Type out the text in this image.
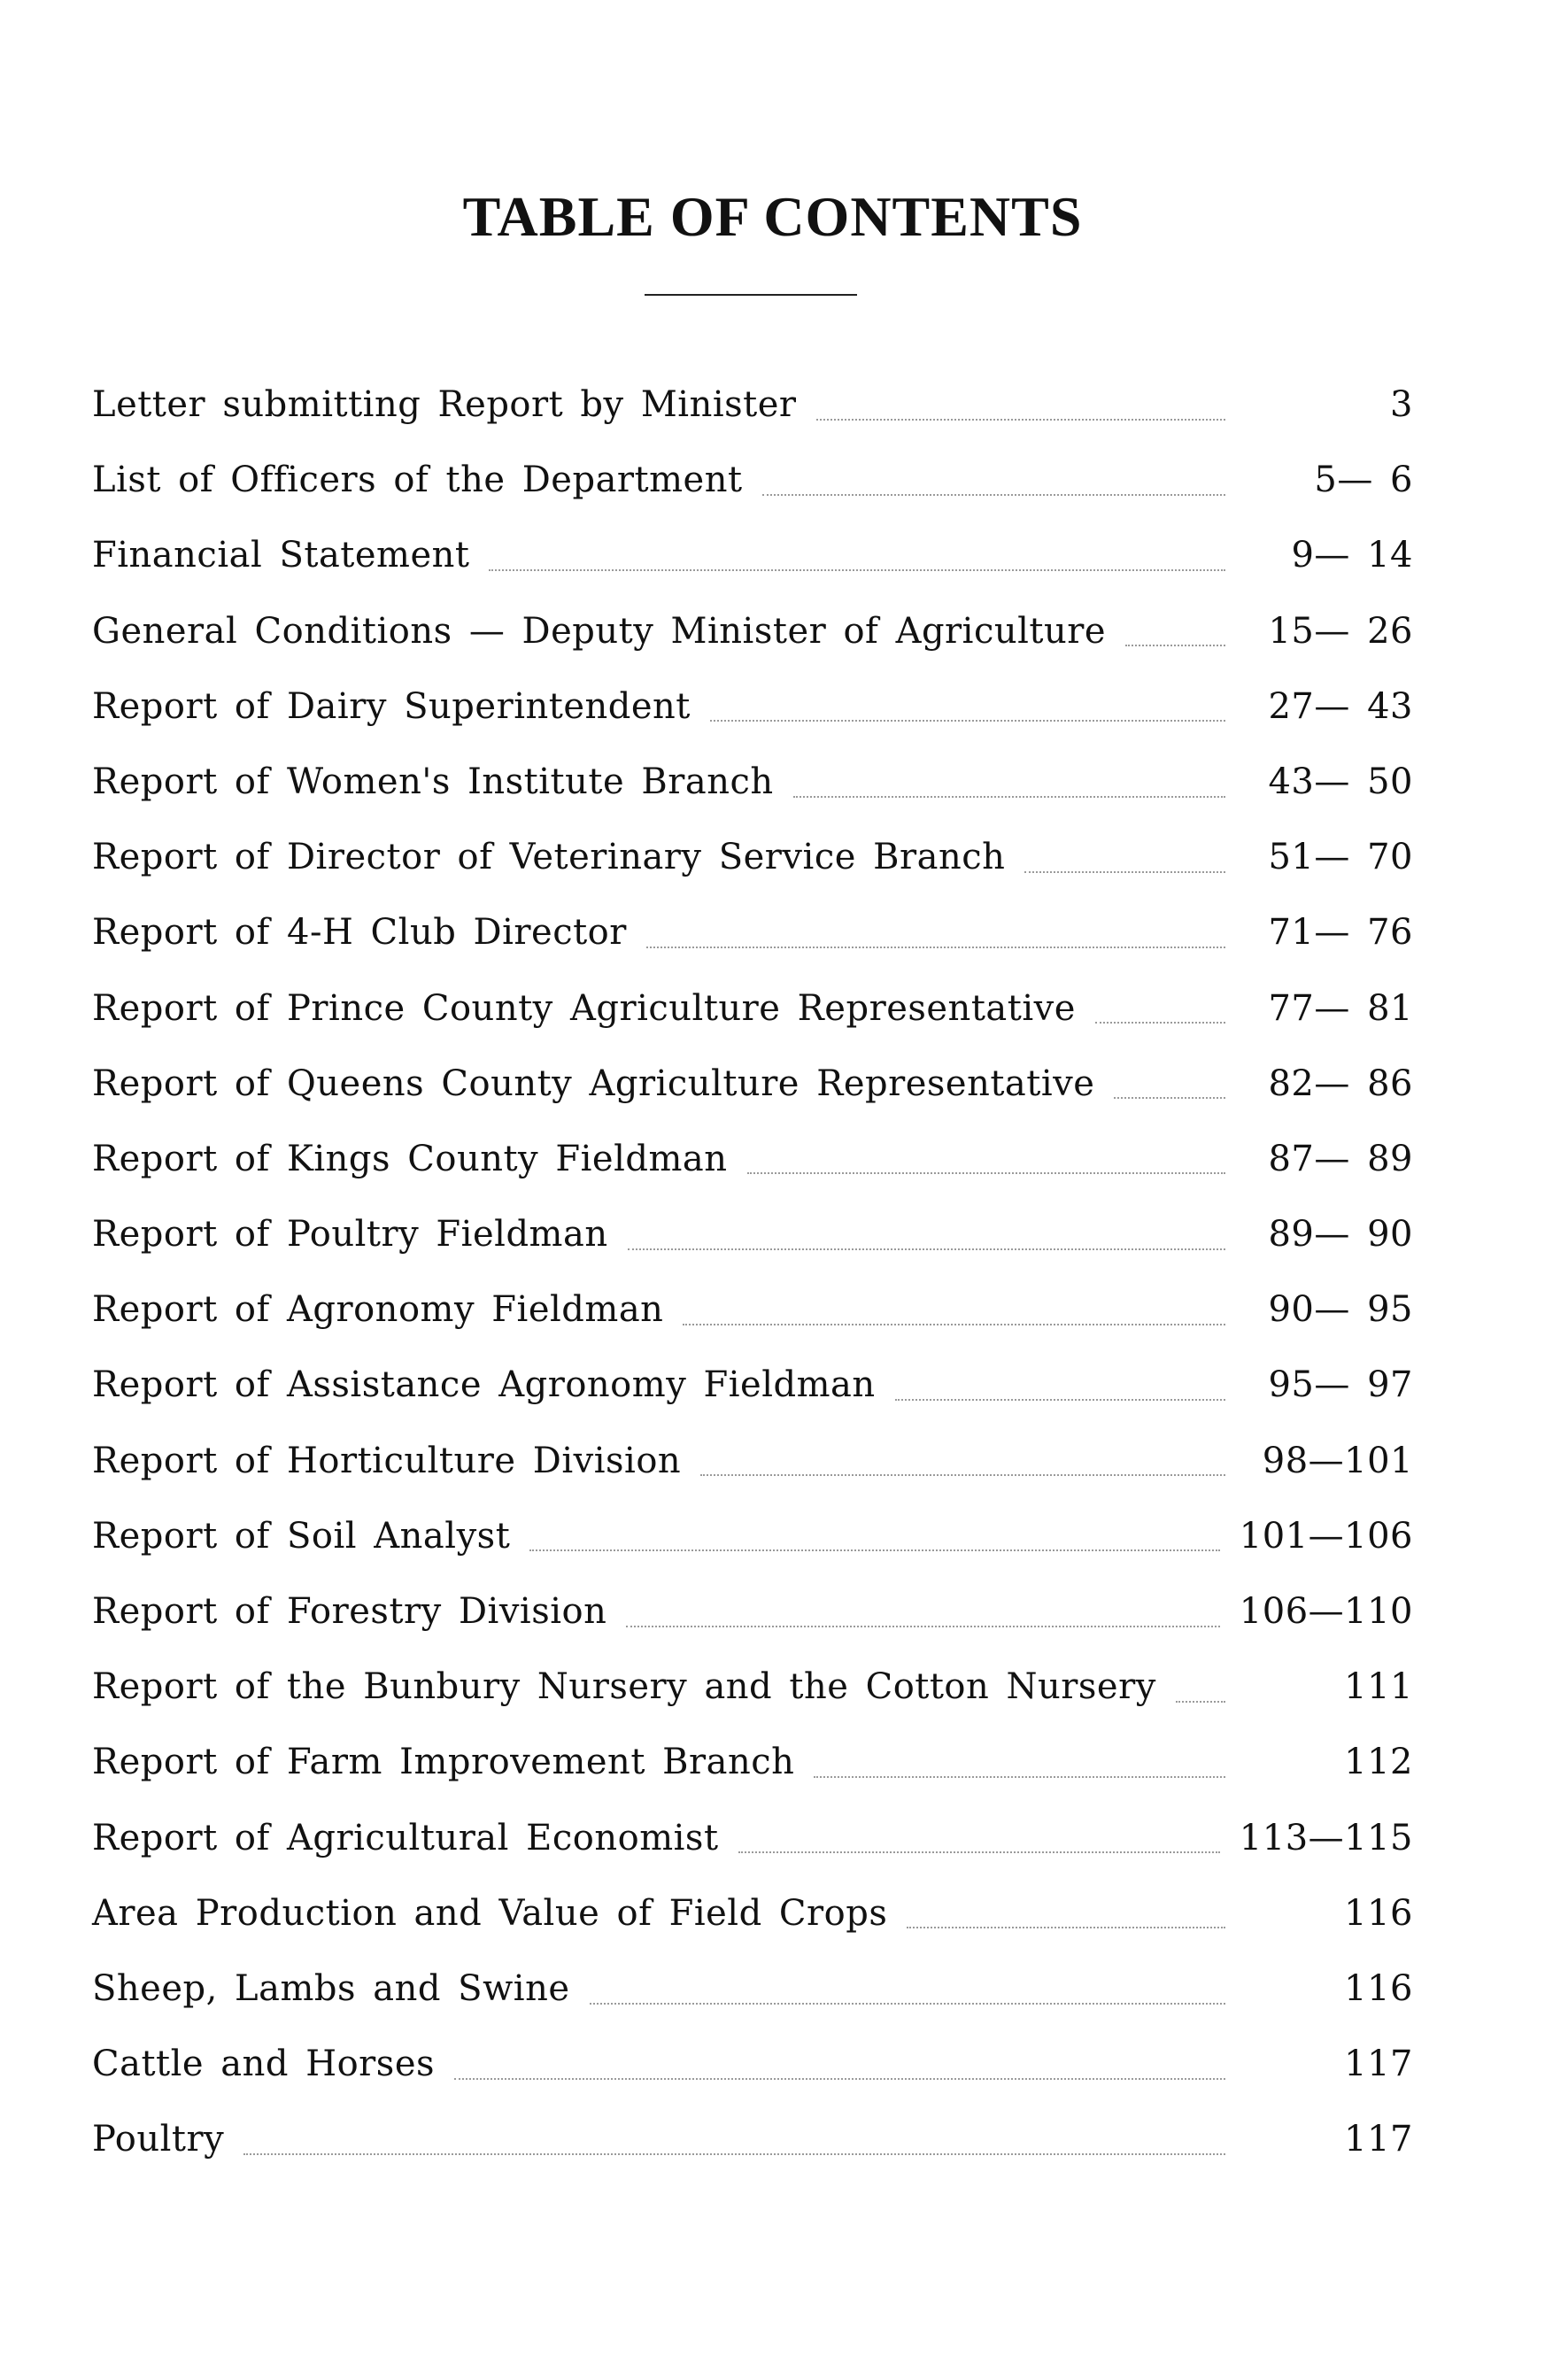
TABLE OF CONTENTS
Letter submitting Report by Minister	3
List of Officers of the Department	5— 6
Financial Statement	9— 14
General Conditions — Deputy Minister of Agriculture	15— 26
Report of Dairy Superintendent	27— 43
Report of Women's Institute Branch	43— 50
Report of Director of Veterinary Service Branch	51— 70
Report of 4-H Club Director	71— 76
Report of Prince County Agriculture Representative	77— 81
Report of Queens County Agriculture Representative	82— 86
Report of Kings County Fieldman	87— 89
Report of Poultry Fieldman	89— 90
Report of Agronomy Fieldman	90— 95
Report of Assistance Agronomy Fieldman	95— 97
Report of Horticulture Division	98—101
Report of Soil Analyst	101—106
Report of Forestry Division	106—110
Report of the Bunbury Nursery and the Cotton Nursery	111
Report of Farm Improvement Branch	112
Report of Agricultural Economist	113—115
Area Production and Value of Field Crops	116
Sheep, Lambs and Swine	116
Cattle and Horses	117
Poultry	117
